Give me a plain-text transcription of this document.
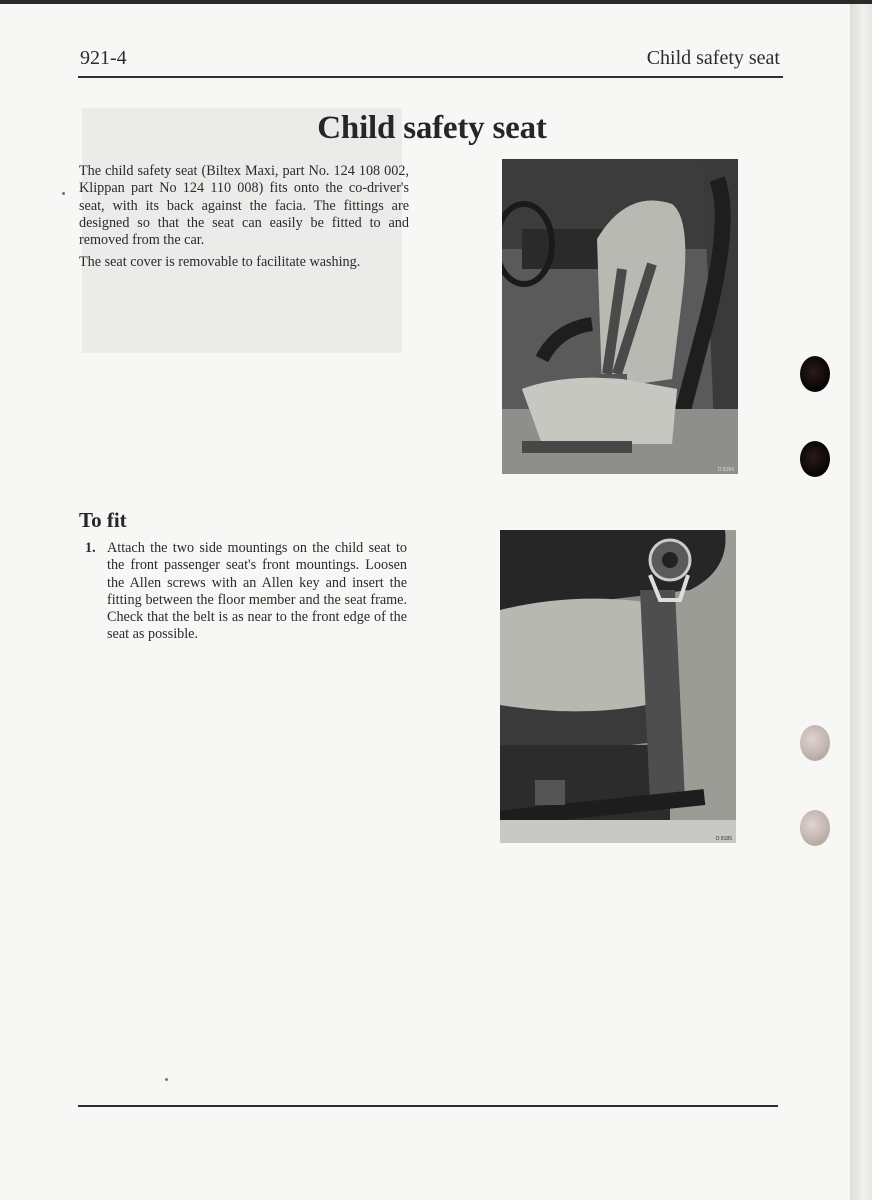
921-4	Child safety seat
Child safety seat

The child safety seat (Biltex Maxi, part No. 124 108 002, Klippan part No 124 110 008) fits onto the co-driver's seat, with its back against the facia. The fittings are designed so that the seat can easily be fitted to and removed from the car.

The seat cover is removable to facilitate washing.

To fit
1. Attach the two side mountings on the child seat to the front passenger seat's front mountings. Loosen the Allen screws with an Allen key and insert the fitting between the floor member and the seat frame. Check that the belt is as near to the front edge of the seat as possible.
D 8184
D 8185
